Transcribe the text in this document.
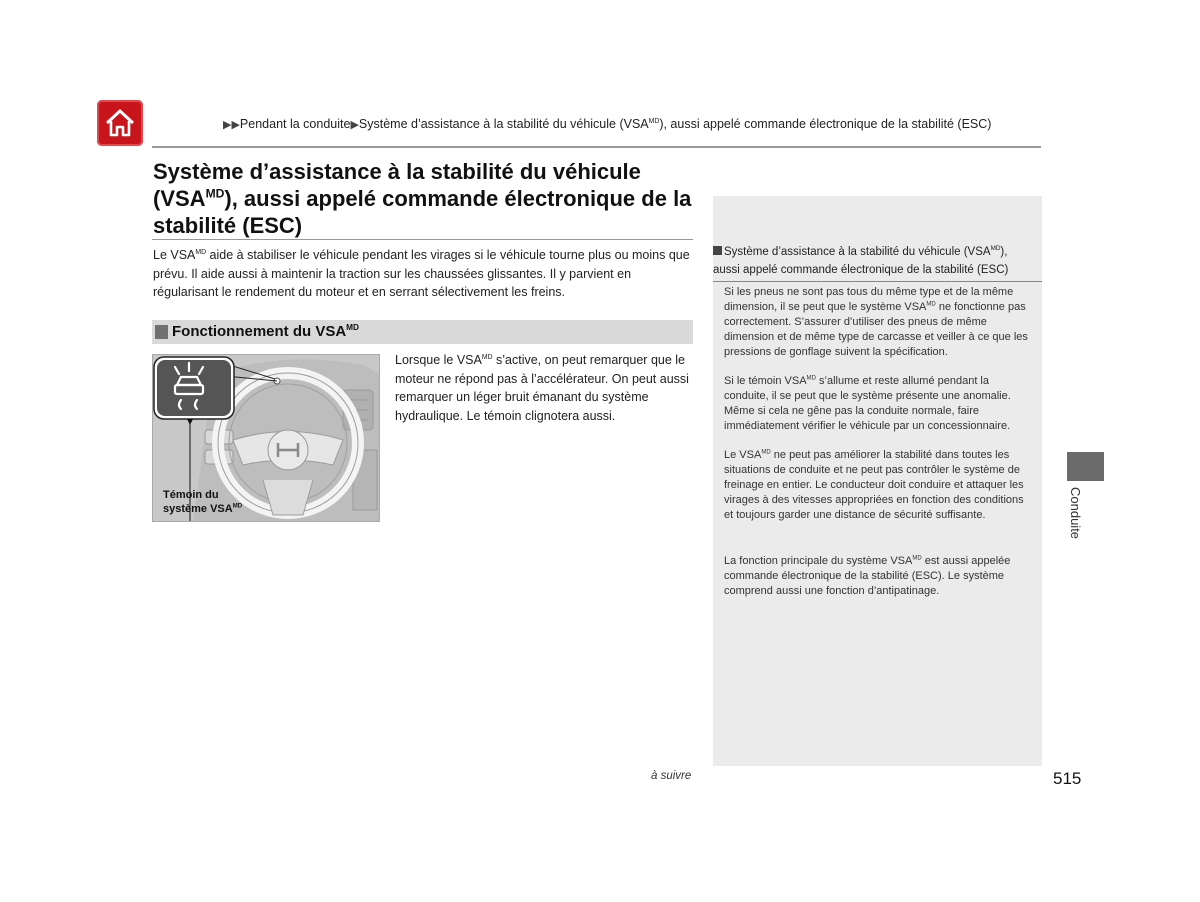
▶▶Pendant la conduite▶Système d’assistance à la stabilité du véhicule $(VSA^{MD})$, aussi appelé commande électronique de la stabilité (ESC)
Système d’assistance à la stabilité du véhicule
$(VSA^{MD})$, aussi appelé commande électronique de la
stabilité (ESC)
Le $VSA^{MD}$ aide à stabiliser le véhicule pendant les virages si le véhicule tourne plus ou moins que prévu. Il aide aussi à maintenir la traction sur les chaussées glissantes. Il y parvient en régularisant le rendement du moteur et en serrant sélectivement les freins.
Fonctionnement du $VSA^{MD}$
Témoin du
système $VSA^{MD}$
Lorsque le $VSA^{MD}$ s’active, on peut remarquer que le moteur ne répond pas à l’accélérateur. On peut aussi remarquer un léger bruit émanant du système hydraulique. Le témoin clignotera aussi.
Système d’assistance à la stabilité du véhicule $(VSA^{MD})$, aussi appelé commande électronique de la stabilité (ESC)
Si les pneus ne sont pas tous du même type et de la même dimension, il se peut que le système $VSA^{MD}$ ne fonctionne pas correctement. S’assurer d’utiliser des pneus de même dimension et de même type de carcasse et veiller à ce que les pressions de gonflage suivent la spécification.
Si le témoin $VSA^{MD}$ s’allume et reste allumé pendant la conduite, il se peut que le système présente une anomalie. Même si cela ne gêne pas la conduite normale, faire immédiatement vérifier le véhicule par un concessionnaire.
Le $VSA^{MD}$ ne peut pas améliorer la stabilité dans toutes les situations de conduite et ne peut pas contrôler le système de freinage en entier. Le conducteur doit conduire et attaquer les virages à des vitesses appropriées en fonction des conditions et toujours garder une distance de sécurité suffisante.
La fonction principale du système $VSA^{MD}$ est aussi appelée commande électronique de la stabilité (ESC). Le système comprend aussi une fonction d’antipatinage.
Conduite
à suivre	515
